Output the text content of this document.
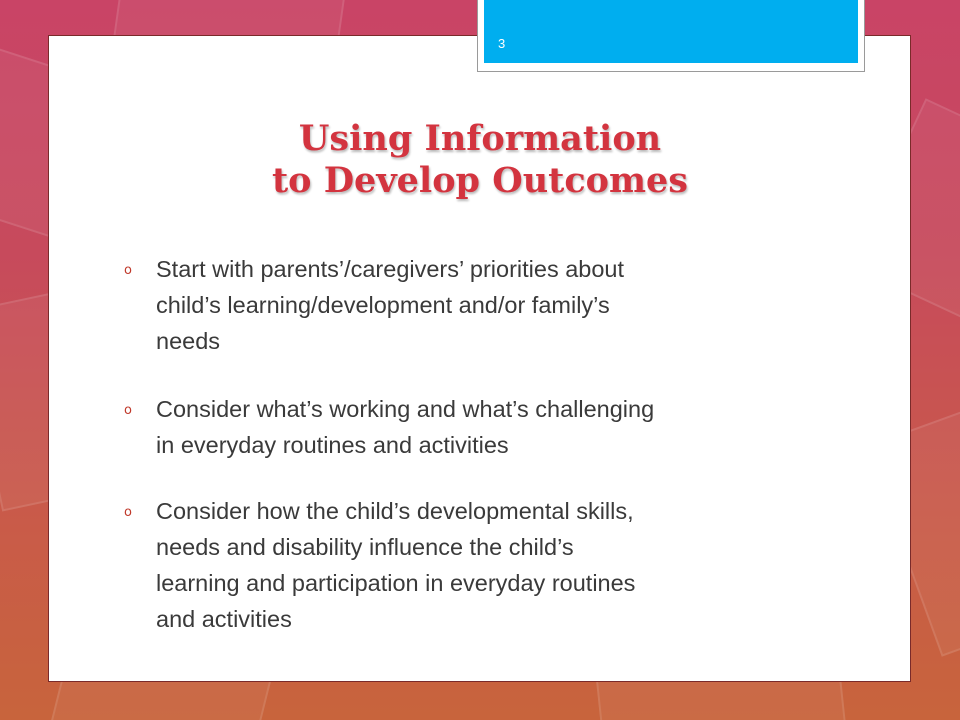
3
Using Information
to Develop Outcomes
o Start with parents’/caregivers’ priorities about
child’s learning/development and/or family’s
needs
o Consider what’s working and what’s challenging
in everyday routines and activities
o Consider how the child’s developmental skills,
needs and disability influence the child’s
learning and participation in everyday routines
and activities
